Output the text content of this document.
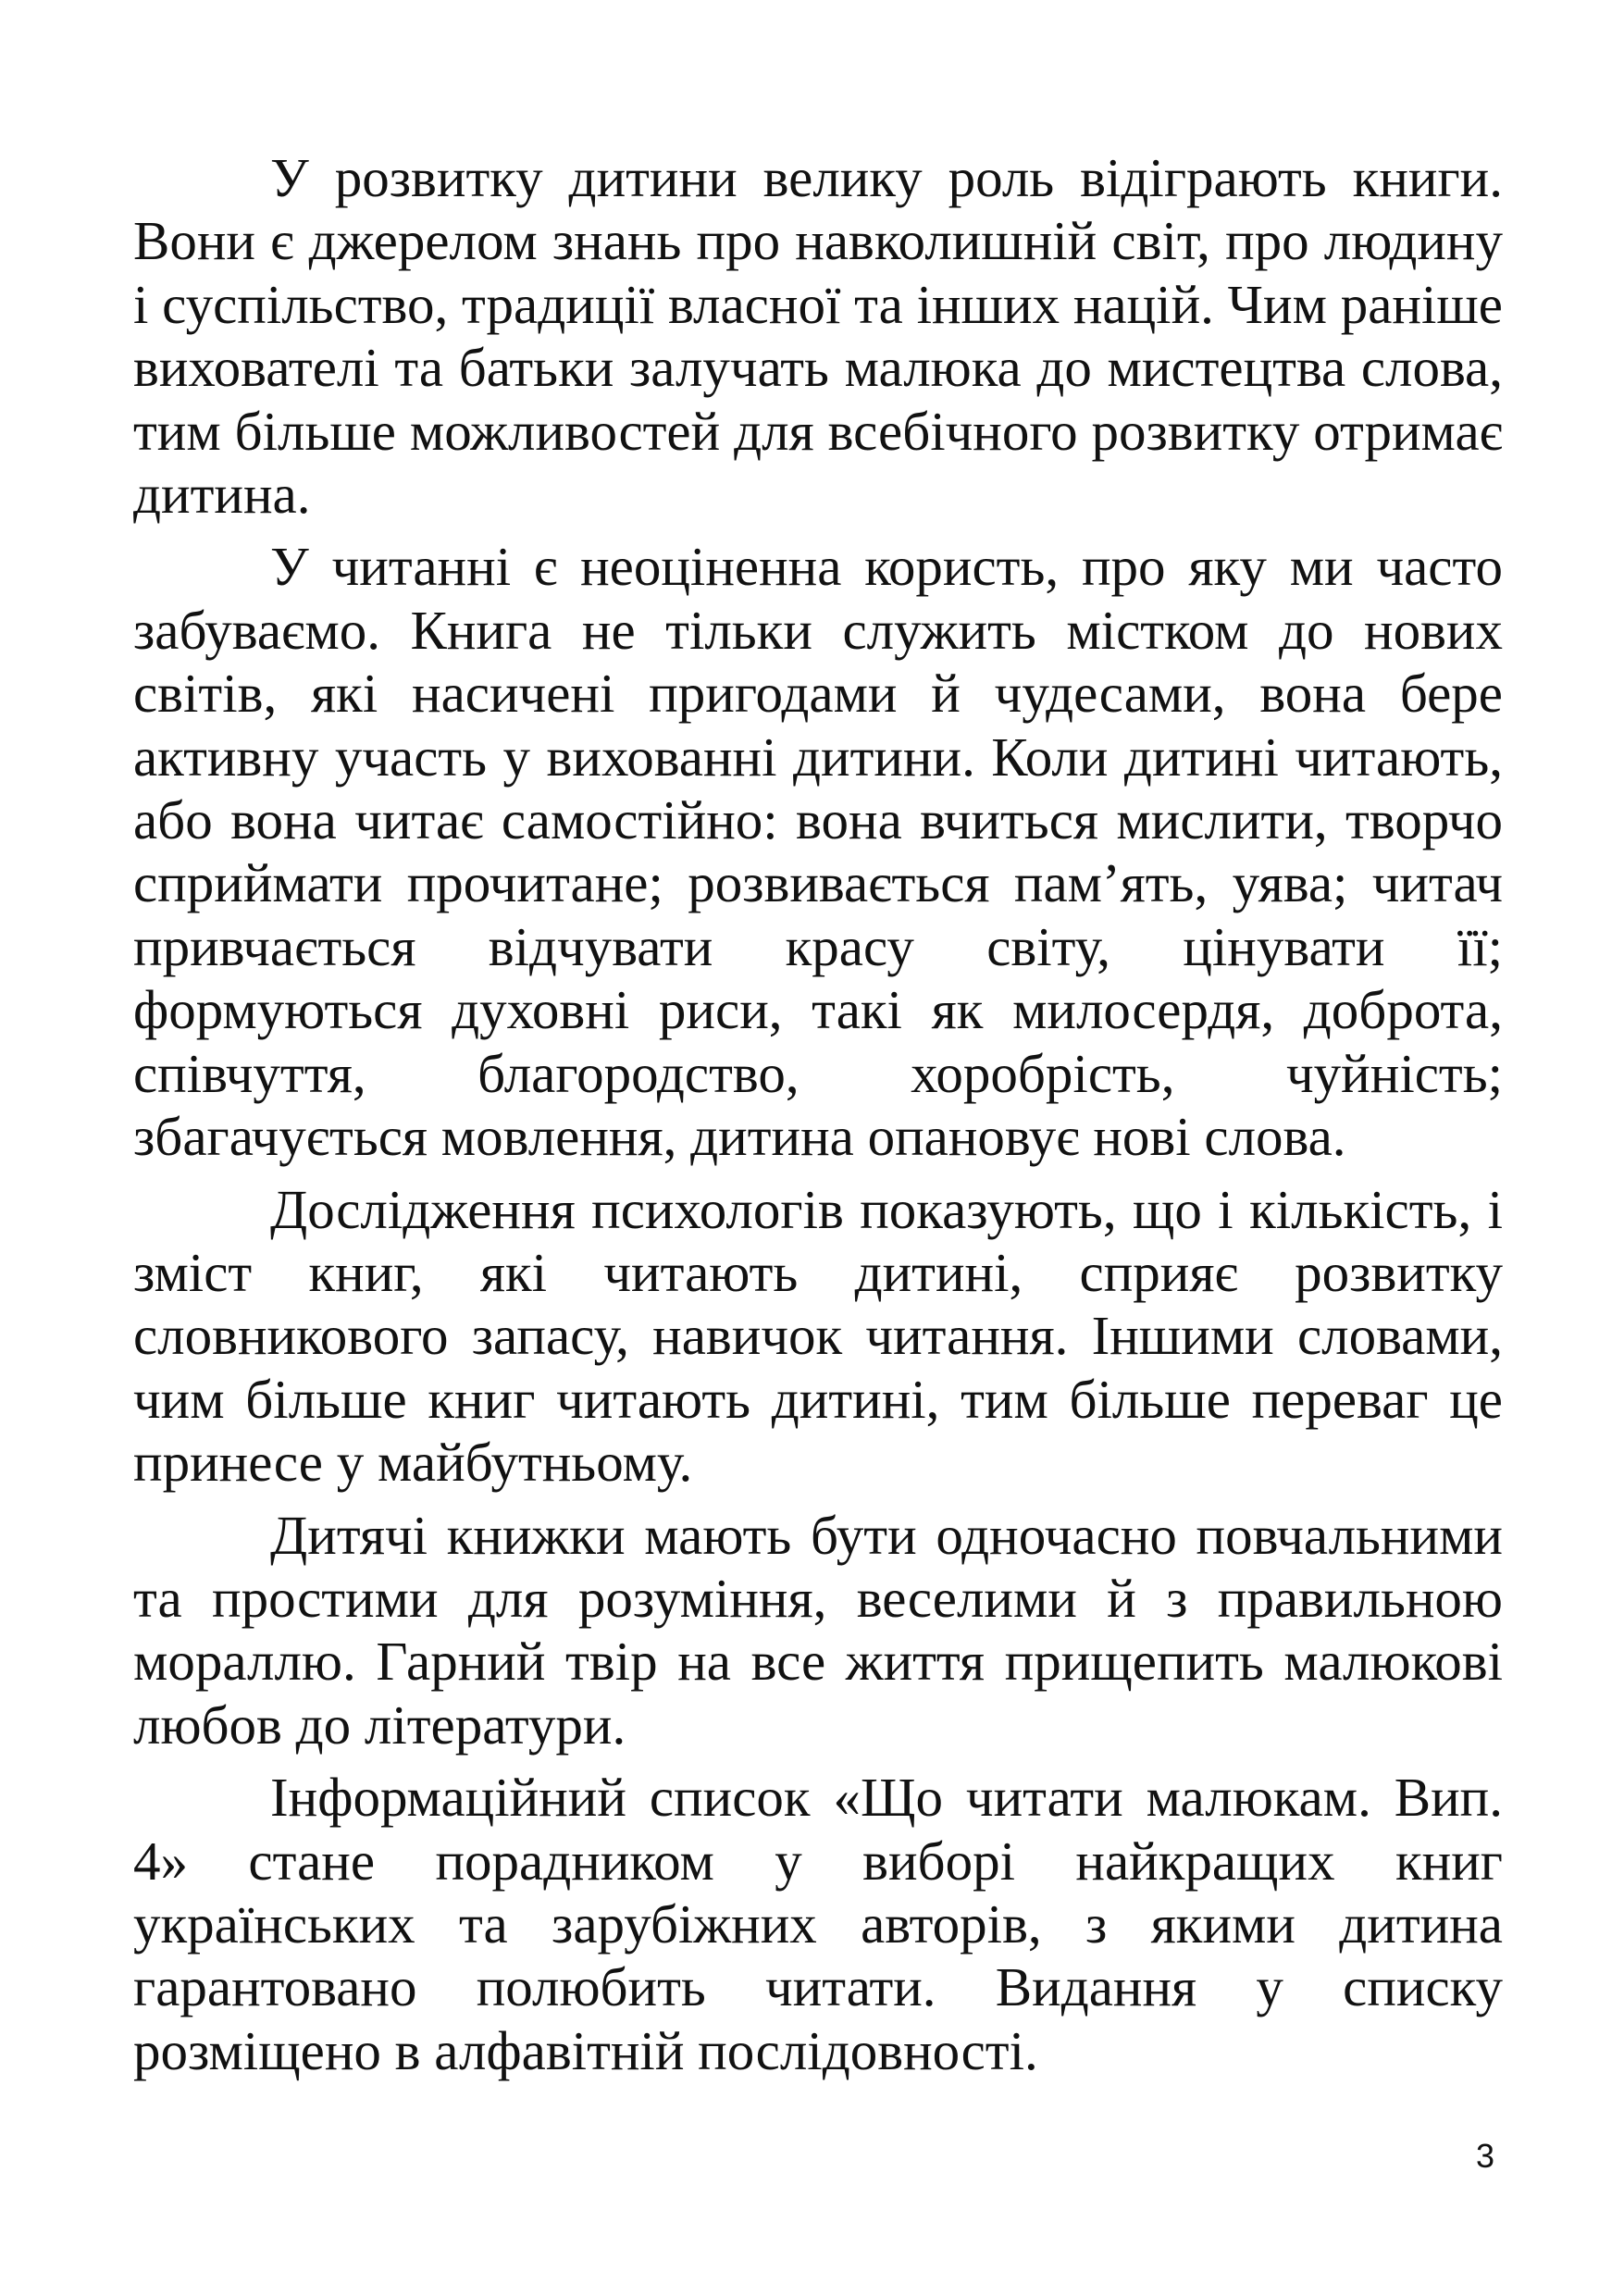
У розвитку дитини велику роль відіграють книги. Вони є джерелом знань про навколишній світ, про людину і суспільство, традиції власної та інших націй. Чим раніше вихователі та батьки залучать малюка до мистецтва слова, тим більше можливостей для всебічного розвитку отримає дитина.

У читанні є неоціненна користь, про яку ми часто забуваємо. Книга не тільки служить містком до нових світів, які насичені пригодами й чудесами, вона бере активну участь у вихованні дитини. Коли дитині читають, або вона читає самостійно: вона вчиться мислити, творчо сприймати прочитане; розвивається пам’ять, уява; читач привчається відчувати красу світу, цінувати її; формуються духовні риси, такі як милосердя, доброта, співчуття, благородство, хоробрість, чуйність; збагачується мовлення, дитина опановує нові слова.

Дослідження психологів показують, що і кількість, і зміст книг, які читають дитині, сприяє розвитку словникового запасу, навичок читання. Іншими словами, чим більше книг читають дитині, тим більше переваг це принесе у майбутньому.

Дитячі книжки мають бути одночасно повчальними та простими для розуміння, веселими й з правильною мораллю. Гарний твір на все життя прищепить малюкові любов до літератури.

Інформаційний список «Що читати малюкам. Вип. 4» стане порадником у виборі найкращих книг українських та зарубіжних авторів, з якими дитина гарантовано полюбить читати. Видання у списку розміщено в алфавітній послідовності.

3
